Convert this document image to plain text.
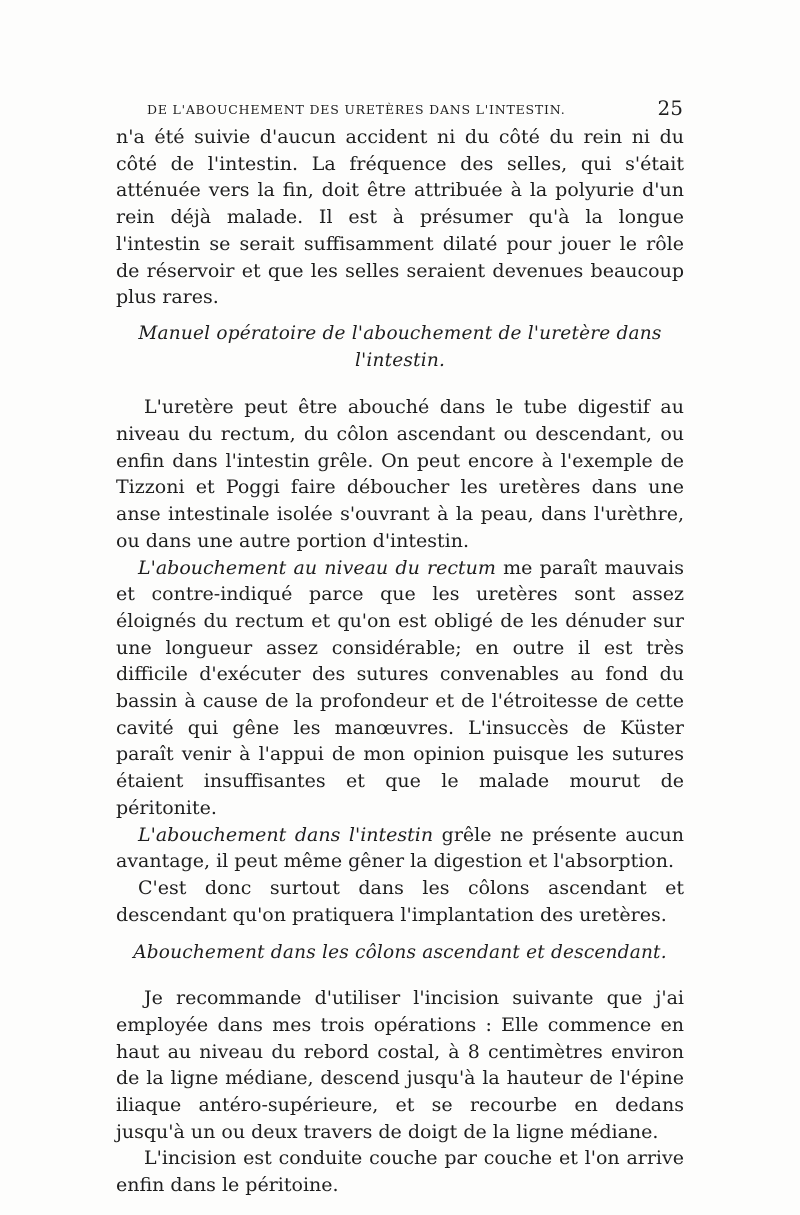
DE L'ABOUCHEMENT DES URETÈRES DANS L'INTESTIN.	25

n'a été suivie d'aucun accident ni du côté du rein ni du côté de l'intestin. La fréquence des selles, qui s'était atténuée vers la fin, doit être attribuée à la polyurie d'un rein déjà malade. Il est à présumer qu'à la longue l'intestin se serait suffisamment dilaté pour jouer le rôle de réservoir et que les selles seraient devenues beaucoup plus rares.

Manuel opératoire de l'abouchement de l'uretère dans l'intestin.

L'uretère peut être abouché dans le tube digestif au niveau du rectum, du côlon ascendant ou descendant, ou enfin dans l'intestin grêle. On peut encore à l'exemple de Tizzoni et Poggi faire déboucher les uretères dans une anse intestinale isolée s'ouvrant à la peau, dans l'urèthre, ou dans une autre portion d'intestin.

L'abouchement au niveau du rectum me paraît mauvais et contre-indiqué parce que les uretères sont assez éloignés du rectum et qu'on est obligé de les dénuder sur une longueur assez considérable; en outre il est très difficile d'exécuter des sutures convenables au fond du bassin à cause de la profondeur et de l'étroitesse de cette cavité qui gêne les manœuvres. L'insuccès de Küster paraît venir à l'appui de mon opinion puisque les sutures étaient insuffisantes et que le malade mourut de péritonite.

L'abouchement dans l'intestin grêle ne présente aucun avantage, il peut même gêner la digestion et l'absorption.

C'est donc surtout dans les côlons ascendant et descendant qu'on pratiquera l'implantation des uretères.

Abouchement dans les côlons ascendant et descendant.

Je recommande d'utiliser l'incision suivante que j'ai employée dans mes trois opérations : Elle commence en haut au niveau du rebord costal, à 8 centimètres environ de la ligne médiane, descend jusqu'à la hauteur de l'épine iliaque antéro-supérieure, et se recourbe en dedans jusqu'à un ou deux travers de doigt de la ligne médiane.

L'incision est conduite couche par couche et l'on arrive enfin dans le péritoine.
